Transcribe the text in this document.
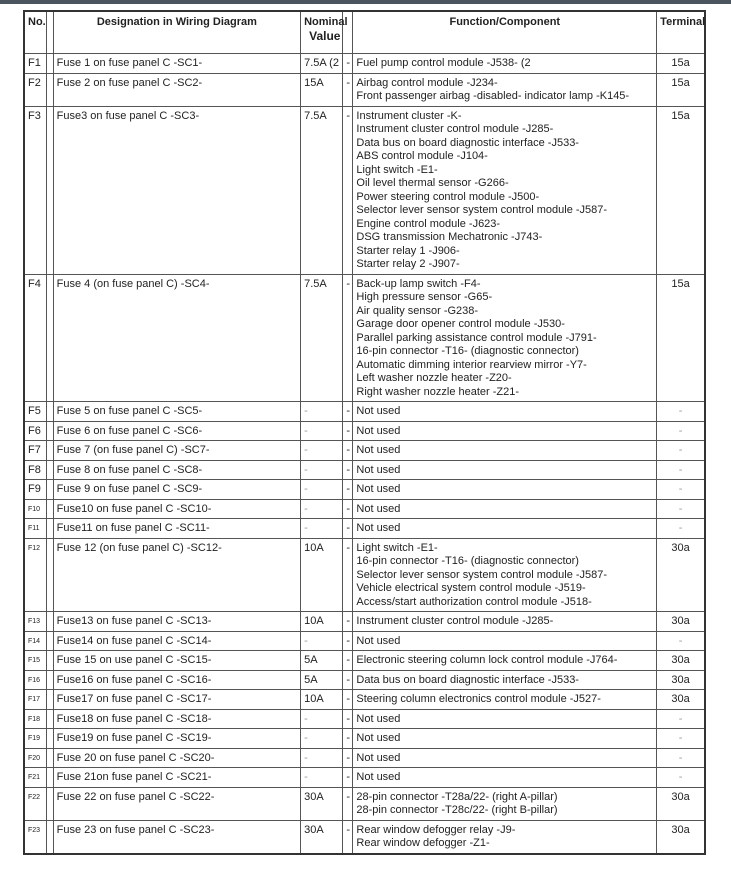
No.		Designation in Wiring Diagram	Nominal
Value		Function/Component	Terminal
F1		Fuse 1 on fuse panel C -SC1-	7.5A (2	-	Fuel pump control module -J538- (2	15a
F2		Fuse 2 on fuse panel C -SC2-	15A	-	Airbag control module -J234-
Front passenger airbag -disabled- indicator lamp -K145-	15a
F3		Fuse3 on fuse panel C -SC3-	7.5A	-	Instrument cluster -K-
Instrument cluster control module -J285-
Data bus on board diagnostic interface -J533-
ABS control module -J104-
Light switch -E1-
Oil level thermal sensor -G266-
Power steering control module -J500-
Selector lever sensor system control module -J587-
Engine control module -J623-
DSG transmission Mechatronic -J743-
Starter relay 1 -J906-
Starter relay 2 -J907-
	15a
F4		Fuse 4 (on fuse panel C) -SC4-	7.5A	-	Back-up lamp switch -F4-
High pressure sensor -G65-
Air quality sensor -G238-
Garage door opener control module -J530-
Parallel parking assistance control module -J791-
16-pin connector -T16- (diagnostic connector)
Automatic dimming interior rearview mirror -Y7-
Left washer nozzle heater -Z20-
Right washer nozzle heater -Z21-
	15a
F5		Fuse 5 on fuse panel C -SC5-	-	-	Not used	-
F6		Fuse 6 on fuse panel C -SC6-	-	-	Not used	-
F7		Fuse 7 (on fuse panel C) -SC7-	-	-	Not used	-
F8		Fuse 8 on fuse panel C -SC8-	-	-	Not used	-
F9		Fuse 9 on fuse panel C -SC9-	-	-	Not used	-
F10		Fuse10 on fuse panel C -SC10-	-	-	Not used	-
F11		Fuse11 on fuse panel C -SC11-	-	-	Not used	-
F12		Fuse 12 (on fuse panel C) -SC12-	10A	-	Light switch -E1-
16-pin connector -T16- (diagnostic connector)
Selector lever sensor system control module -J587-
Vehicle electrical system control module -J519-
Access/start authorization control module -J518-	30a
F13		Fuse13 on fuse panel C -SC13-	10A	-	Instrument cluster control module -J285-	30a
F14		Fuse14 on fuse panel C -SC14-	-	-	Not used	-
F15		Fuse 15 on use panel C -SC15-	5A	-	Electronic steering column lock control module -J764-	30a
F16		Fuse16 on fuse panel C -SC16-	5A	-	Data bus on board diagnostic interface -J533-	30a
F17		Fuse17 on fuse panel C -SC17-	10A	-	Steering column electronics control module -J527-	30a
F18		Fuse18 on fuse panel C -SC18-	-	-	Not used	-
F19		Fuse19 on fuse panel C -SC19-	-	-	Not used	-
F20		Fuse 20 on fuse panel C -SC20-	-	-	Not used	-
F21		Fuse 21on fuse panel C -SC21-	-	-	Not used	-
F22		Fuse 22 on fuse panel C -SC22-	30A	-	28-pin connector -T28a/22- (right A-pillar)
28-pin connector -T28c/22- (right B-pillar)	30a
F23		Fuse 23 on fuse panel C -SC23-	30A	-	Rear window defogger relay -J9-
Rear window defogger -Z1-	30a
